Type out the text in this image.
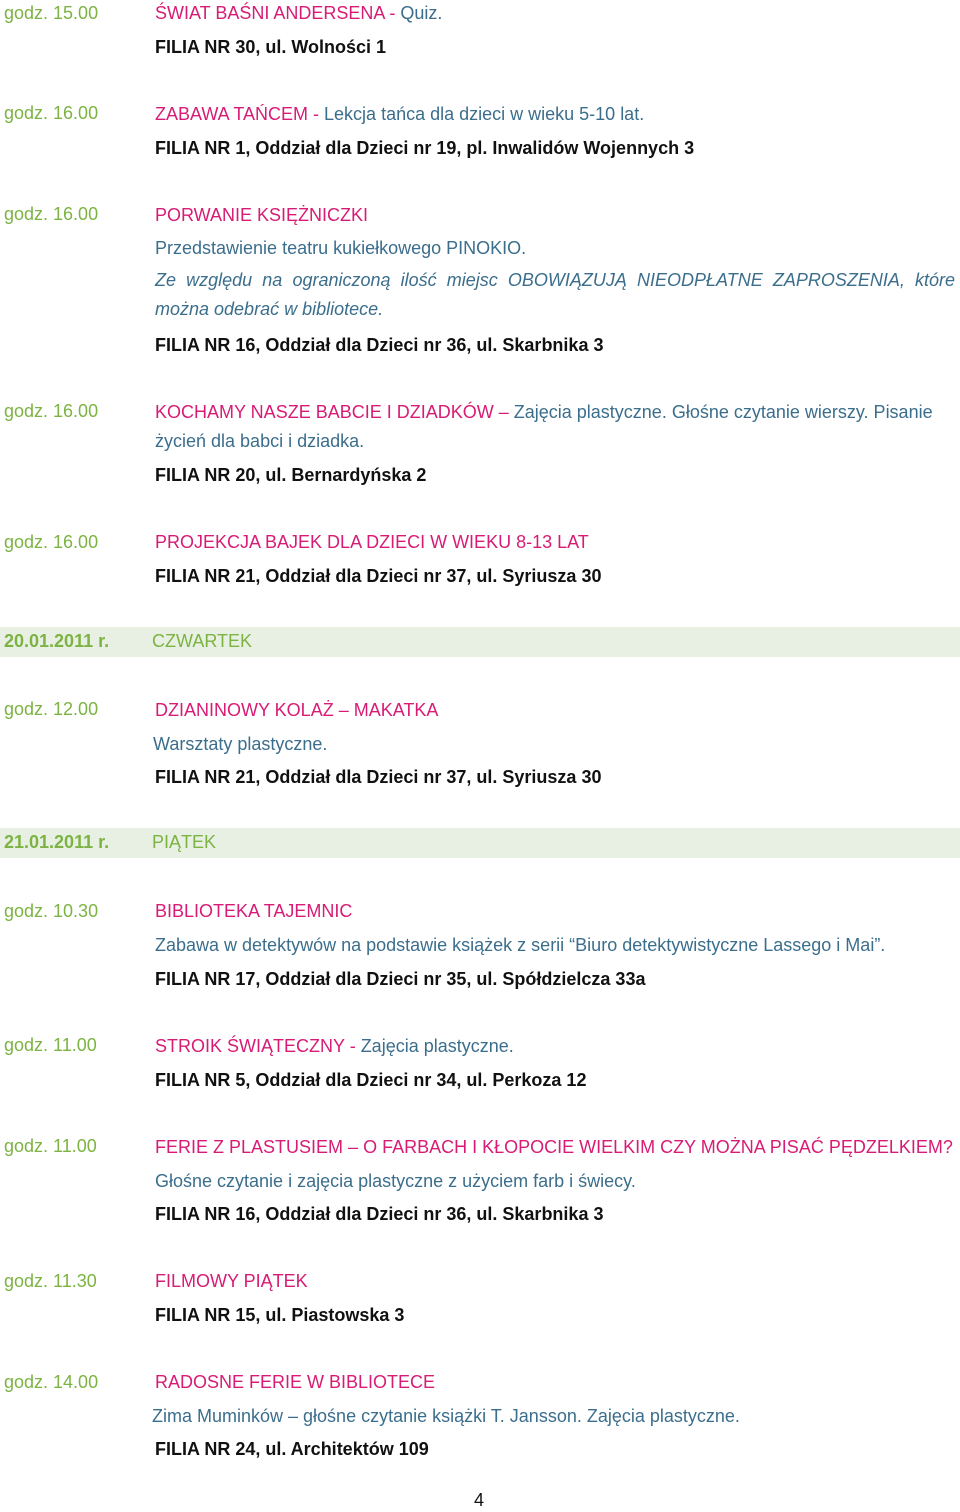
godz. 15.00	ŚWIAT BAŚNI ANDERSENA - Quiz.
FILIA NR 30, ul. Wolności 1
godz. 16.00	ZABAWA TAŃCEM - Lekcja tańca dla dzieci w wieku 5-10 lat.
FILIA NR 1, Oddział dla Dzieci nr 19, pl. Inwalidów Wojennych 3
godz. 16.00	PORWANIE KSIĘŻNICZKI
Przedstawienie teatru kukiełkowego PINOKIO.
Ze względu na ograniczoną ilość miejsc OBOWIĄZUJĄ NIEODPŁATNE ZAPROSZENIA, które można odebrać w bibliotece.
FILIA NR 16, Oddział dla Dzieci nr 36, ul. Skarbnika 3
godz. 16.00	KOCHAMY NASZE BABCIE I DZIADKÓW – Zajęcia plastyczne. Głośne czytanie wierszy. Pisanie
życień dla babci i dziadka.
FILIA NR 20, ul. Bernardyńska 2
godz. 16.00	PROJEKCJA BAJEK DLA DZIECI W WIEKU 8-13 LAT
FILIA NR 21, Oddział dla Dzieci nr 37, ul. Syriusza 30
20.01.2011 r. CZWARTEK
godz. 12.00	DZIANINOWY KOLAŻ – MAKATKA
Warsztaty plastyczne.
FILIA NR 21, Oddział dla Dzieci nr 37, ul. Syriusza 30
21.01.2011 r. PIĄTEK
godz. 10.30	BIBLIOTEKA TAJEMNIC
Zabawa w detektywów na podstawie książek z serii “Biuro detektywistyczne Lassego i Mai”.
FILIA NR 17, Oddział dla Dzieci nr 35, ul. Spółdzielcza 33a
godz. 11.00	STROIK ŚWIĄTECZNY - Zajęcia plastyczne.
FILIA NR 5, Oddział dla Dzieci nr 34, ul. Perkoza 12
godz. 11.00	FERIE Z PLASTUSIEM – O FARBACH I KŁOPOCIE WIELKIM CZY MOŻNA PISAĆ PĘDZELKIEM?
Głośne czytanie i zajęcia plastyczne z użyciem farb i świecy.
FILIA NR 16, Oddział dla Dzieci nr 36, ul. Skarbnika 3
godz. 11.30	FILMOWY PIĄTEK
FILIA NR 15, ul. Piastowska 3
godz. 14.00	RADOSNE FERIE W BIBLIOTECE
Zima Muminków – głośne czytanie książki T. Jansson. Zajęcia plastyczne.
FILIA NR 24, ul. Architektów 109
4
